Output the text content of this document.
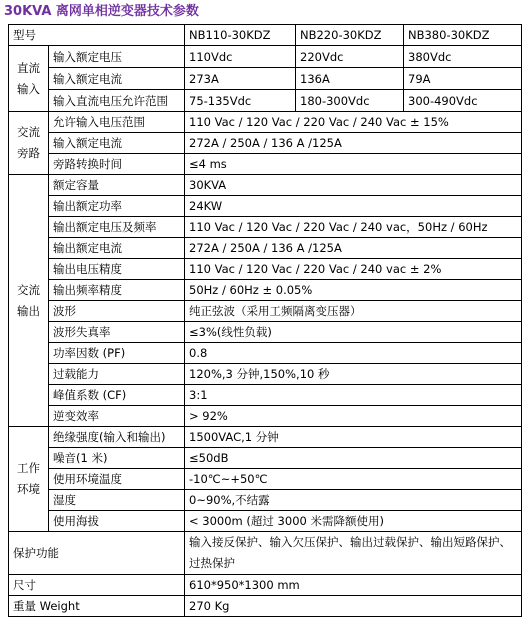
30KVA 离网单相逆变器技术参数
型号		NB110-30KDZ	NB220-30KDZ	NB380-30KDZ

直流
输入	输入额定电压	110Vdc	220Vdc	380Vdc
	输入额定电流	273A	136A	79A
	输入直流电压允许范围	75-135Vdc	180-300Vdc	300-490Vdc

交流
旁路	允许输入电压范围	110 Vac / 120 Vac / 220 Vac / 240 Vac ± 15%		
	输入额定电流	272A / 250A / 136 A /125A		
	旁路转换时间	≤4 ms		

交流
输出	额定容量	30KVA		
	输出额定功率	24KW		
	输出额定电压及频率	110 Vac / 120 Vac / 220 Vac / 240 vac，50Hz / 60Hz		
	输出额定电流	272A / 250A / 136 A /125A		
	输出电压精度	110 Vac / 120 Vac / 220 Vac / 240 vac ± 2%		
	输出频率精度	50Hz / 60Hz ± 0.05%		
	波形	纯正弦波（采用工频隔离变压器）		
	波形失真率	≤3%(线性负载)		
	功率因数 (PF)	0.8		
	过载能力	120%,3 分钟,150%,10 秒		
	峰值系数 (CF)	3:1		
	逆变效率	> 92%		

工作
环境	绝缘强度(输入和输出)	1500VAC,1 分钟		
	噪音(1 米)	≤50dB		
	使用环境温度	-10℃~+50℃		
	湿度	0~90%,不结露		
	使用海拔	< 3000m (超过 3000 米需降额使用)		
保护功能		输入接反保护、输入欠压保护、输出过载保护、输出短路保护、过热保护		
尺寸		610*950*1300 mm		
重量 Weight		270 Kg		
